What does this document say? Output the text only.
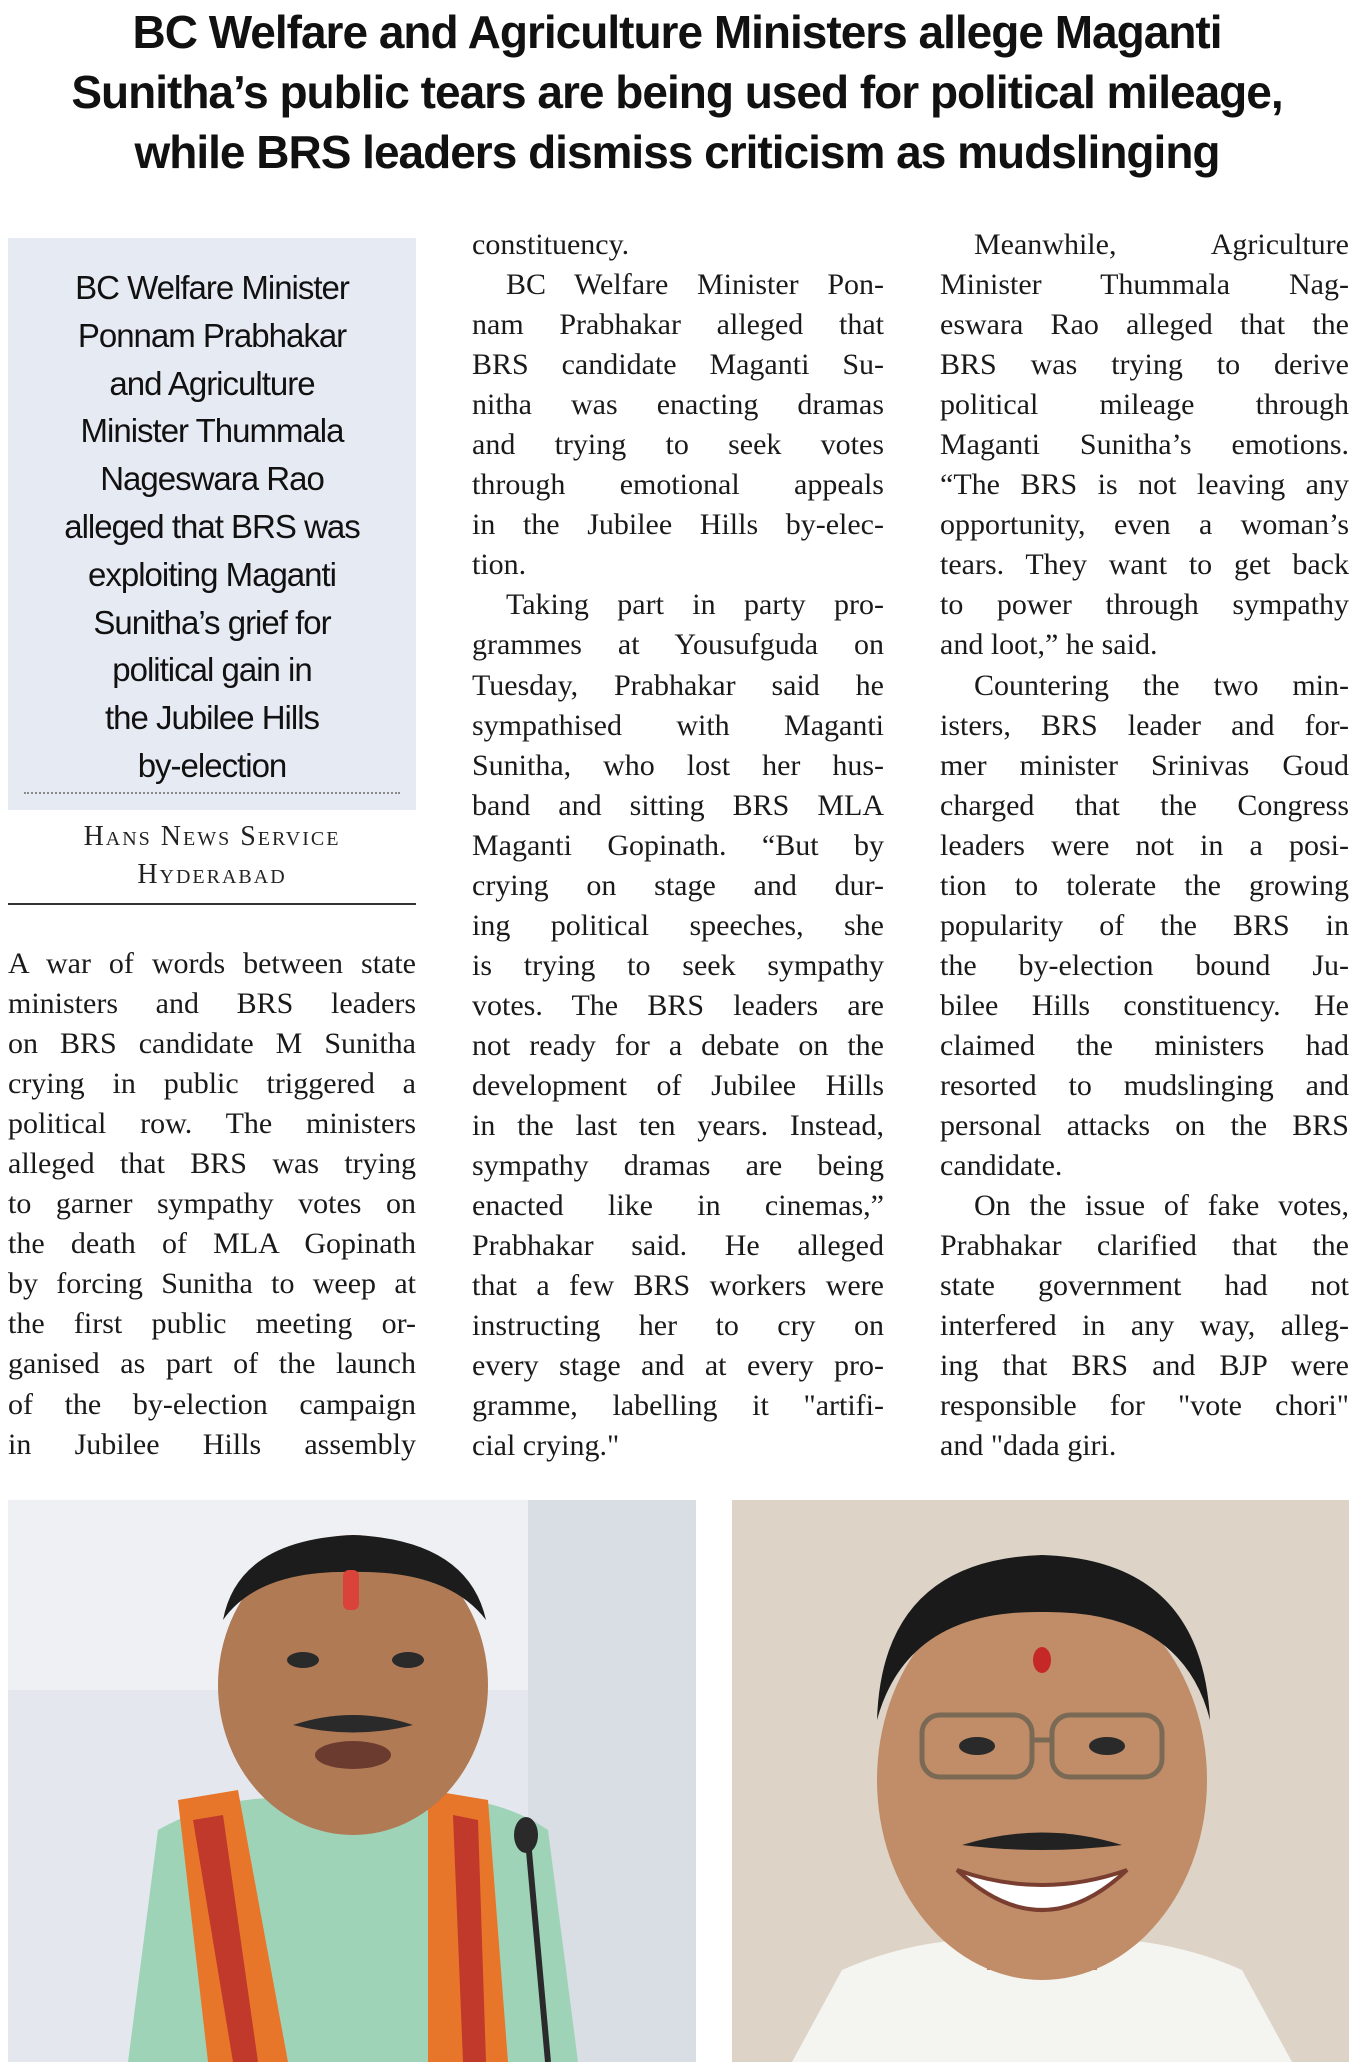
BC Welfare and Agriculture Ministers allege Maganti
Sunitha’s public tears are being used for political mileage,
while BRS leaders dismiss criticism as mudslinging
BC Welfare Minister
Ponnam Prabhakar
and Agriculture
Minister Thummala
Nageswara Rao
alleged that BRS was
exploiting Maganti
Sunitha’s grief for
political gain in
the Jubilee Hills
by-election
Hans News Service
Hyderabad
A war of words between state
ministers and BRS leaders
on BRS candidate M Sunitha
crying in public triggered a
political row. The ministers
alleged that BRS was trying
to garner sympathy votes on
the death of MLA Gopinath
by forcing Sunitha to weep at
the first public meeting or-
ganised as part of the launch
of the by-election campaign
in Jubilee Hills assembly
constituency.
BC Welfare Minister Pon-
nam Prabhakar alleged that
BRS candidate Maganti Su-
nitha was enacting dramas
and trying to seek votes
through emotional appeals
in the Jubilee Hills by-elec-
tion.
Taking part in party pro-
grammes at Yousufguda on
Tuesday, Prabhakar said he
sympathised with Maganti
Sunitha, who lost her hus-
band and sitting BRS MLA
Maganti Gopinath. “But by
crying on stage and dur-
ing political speeches, she
is trying to seek sympathy
votes. The BRS leaders are
not ready for a debate on the
development of Jubilee Hills
in the last ten years. Instead,
sympathy dramas are being
enacted like in cinemas,”
Prabhakar said. He alleged
that a few BRS workers were
instructing her to cry on
every stage and at every pro-
gramme, labelling it "artifi-
cial crying."
Meanwhile, Agriculture
Minister Thummala Nag-
eswara Rao alleged that the
BRS was trying to derive
political mileage through
Maganti Sunitha’s emotions.
“The BRS is not leaving any
opportunity, even a woman’s
tears. They want to get back
to power through sympathy
and loot,” he said.
Countering the two min-
isters, BRS leader and for-
mer minister Srinivas Goud
charged that the Congress
leaders were not in a posi-
tion to tolerate the growing
popularity of the BRS in
the by-election bound Ju-
bilee Hills constituency. He
claimed the ministers had
resorted to mudslinging and
personal attacks on the BRS
candidate.
On the issue of fake votes,
Prabhakar clarified that the
state government had not
interfered in any way, alleg-
ing that BRS and BJP were
responsible for "vote chori"
and "dada giri.
